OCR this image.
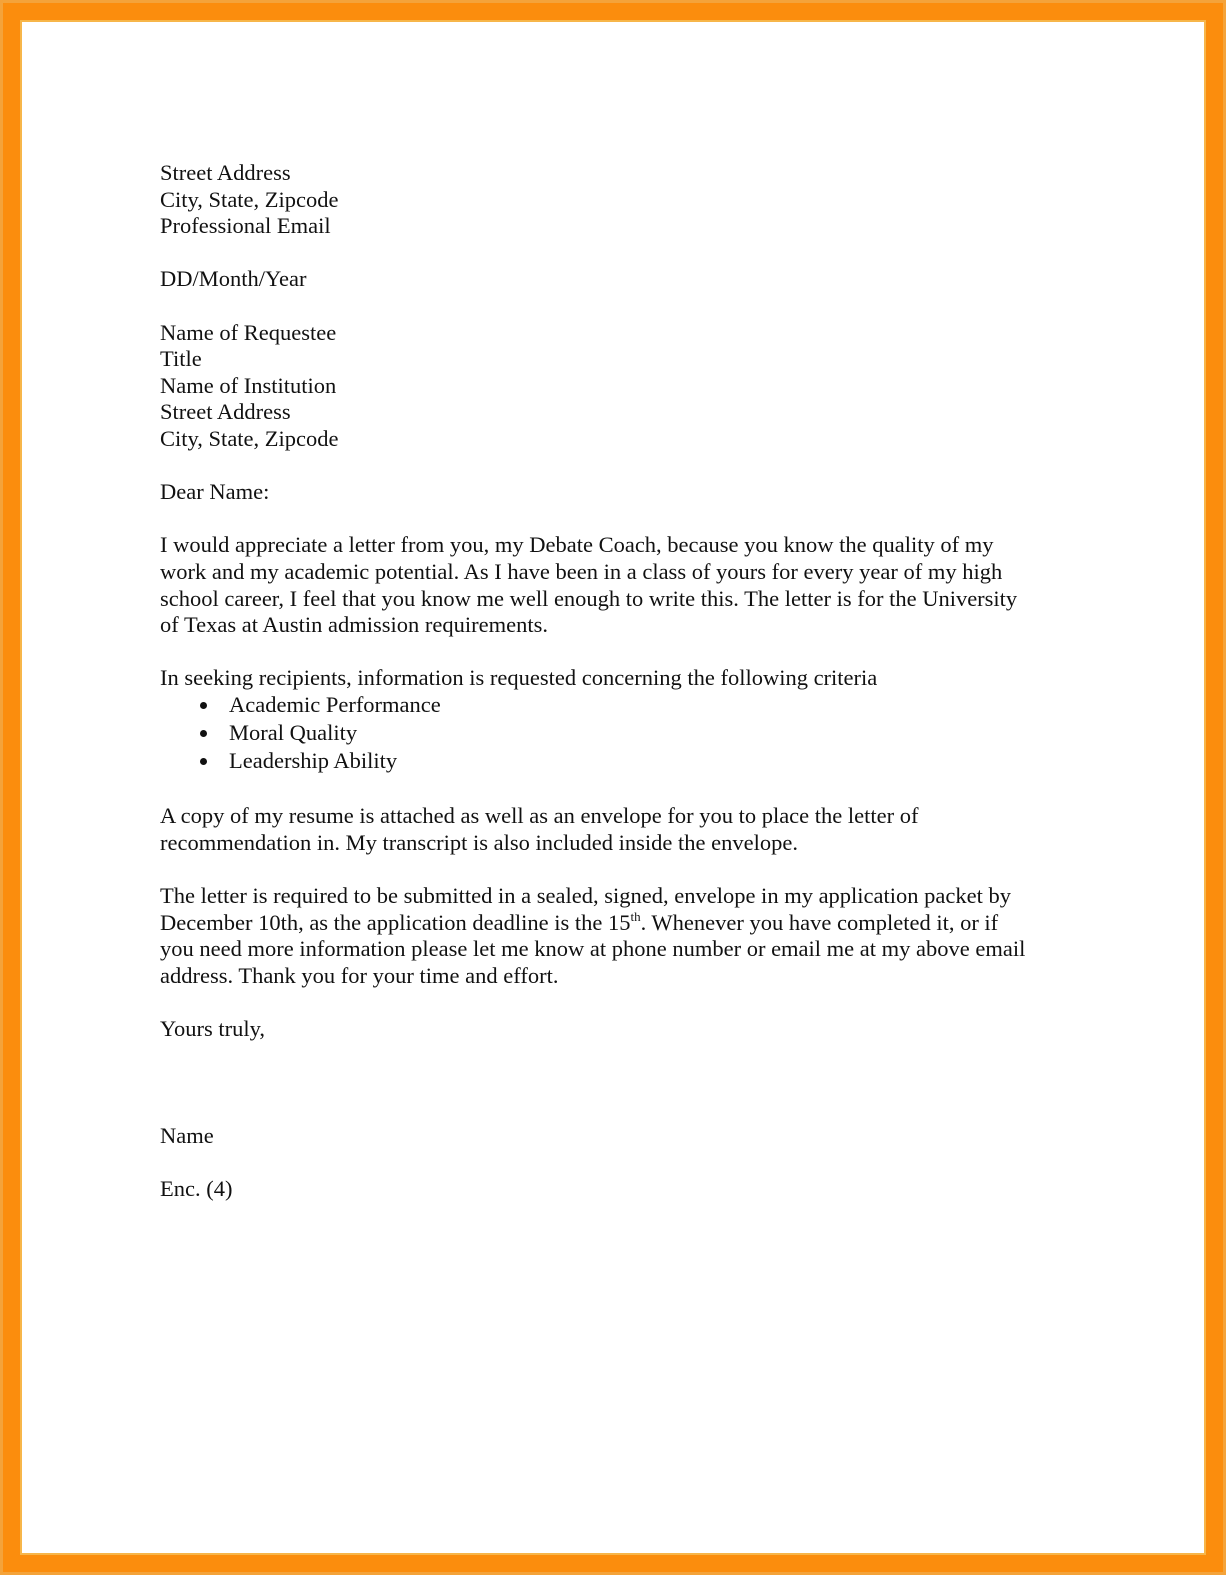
Street Address
City, State, Zipcode
Professional Email
DD/Month/Year
Name of Requestee
Title
Name of Institution
Street Address
City, State, Zipcode
Dear Name:
I would appreciate a letter from you, my Debate Coach, because you know the quality of my
work and my academic potential. As I have been in a class of yours for every year of my high
school career, I feel that you know me well enough to write this. The letter is for the University
of Texas at Austin admission requirements.
In seeking recipients, information is requested concerning the following criteria
Academic Performance
Moral Quality
Leadership Ability
A copy of my resume is attached as well as an envelope for you to place the letter of
recommendation in. My transcript is also included inside the envelope.
The letter is required to be submitted in a sealed, signed, envelope in my application packet by
December 10th, as the application deadline is the 15th. Whenever you have completed it, or if
you need more information please let me know at phone number or email me at my above email
address. Thank you for your time and effort.
Yours truly,
Name
Enc. (4)
